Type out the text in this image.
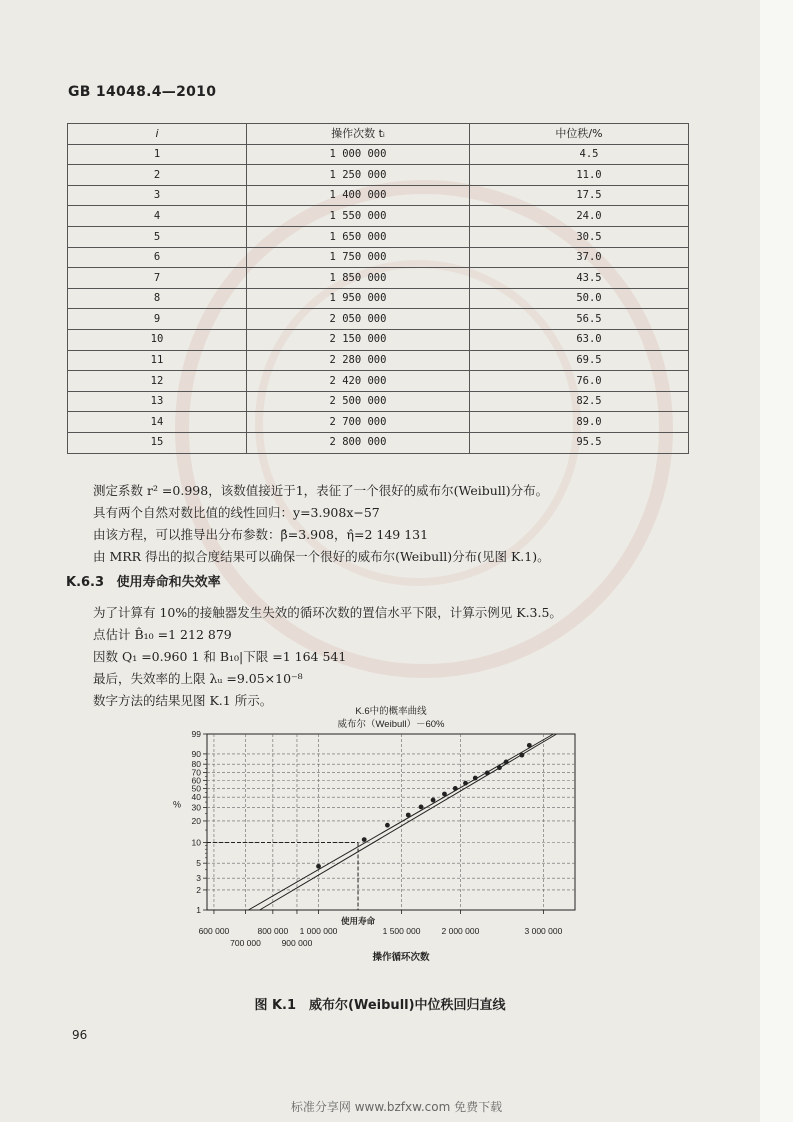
GB 14048.4—2010
i	操作次数 tᵢ	中位秩/%
1	1 000 000	4.5
2	1 250 000	11.0
3	1 400 000	17.5
4	1 550 000	24.0
5	1 650 000	30.5
6	1 750 000	37.0
7	1 850 000	43.5
8	1 950 000	50.0
9	2 050 000	56.5
10	2 150 000	63.0
11	2 280 000	69.5
12	2 420 000	76.0
13	2 500 000	82.5
14	2 700 000	89.0
15	2 800 000	95.5
测定系数 r² =0.998，该数值接近于1，表征了一个很好的威布尔(Weibull)分布。
具有两个自然对数比值的线性回归：y=3.908x−57
由该方程，可以推导出分布参数：β̂=3.908，η̂=2 149 131
由 MRR 得出的拟合度结果可以确保一个很好的威布尔(Weibull)分布(见图 K.1)。
K.6.3 使用寿命和失效率
为了计算有 10%的接触器发生失效的循环次数的置信水平下限，计算示例见 K.3.5。
点估计 B̂₁₀ =1 212 879
因数 Q₁ =0.960 1 和 B₁₀|下限 =1 164 541
最后，失效率的上限 λᵤ =9.05×10⁻⁸
数字方法的结果见图 K.1 所示。
K.6中的概率曲线
威布尔（Weibull）－60%
1
2
3
5
10
20
30
40
50
60
70
80
90
99
600 000
700 000
800 000
900 000
1 000 000	1 500 000 2 000 000	3 000 000
%
操作循环次数
使用寿命
图 K.1　威布尔(Weibull)中位秩回归直线
96
标准分享网 www.bzfxw.com 免费下载
